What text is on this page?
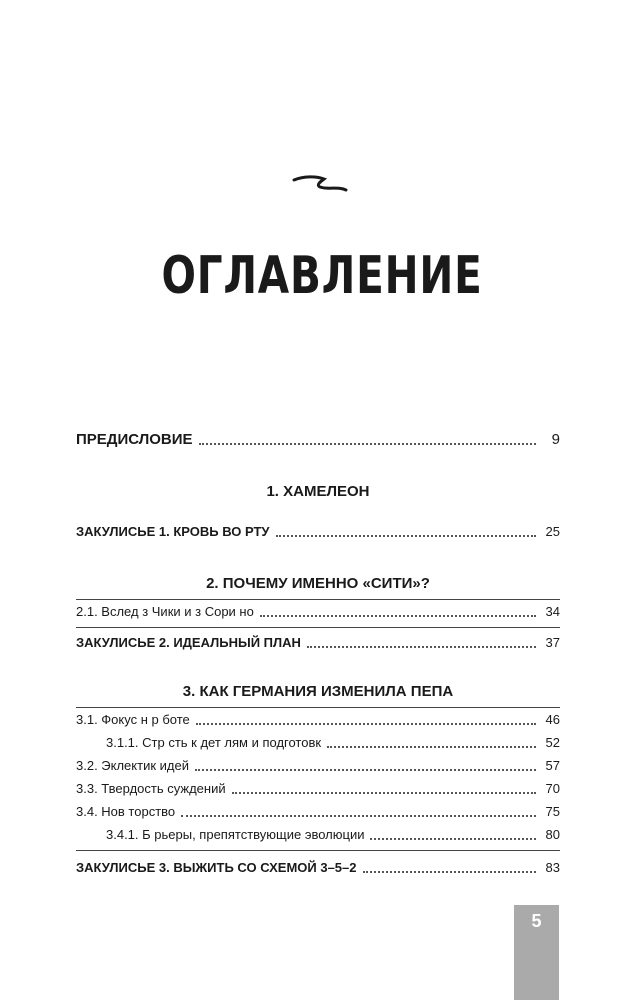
ОГЛАВЛЕНИЕ
ПРЕДИСЛОВИЕ	9
1. ХАМЕЛЕОН
ЗАКУЛИСЬЕ 1. КРОВЬ ВО РТУ	25
2. ПОЧЕМУ ИМЕННО «СИТИ»?
2.1. Вслед з Чики и з Сори но	34
ЗАКУЛИСЬЕ 2. ИДЕАЛЬНЫЙ ПЛАН	37
3. КАК ГЕРМАНИЯ ИЗМЕНИЛА ПЕПА
3.1. Фокус н р боте	46
3.1.1. Стр сть к дет лям и подготовк	52
3.2. Эклектик идей	57
3.3. Твердость суждений	70
3.4. Нов торство	75
3.4.1. Б рьеры, препятствующие эволюции	80
ЗАКУЛИСЬЕ 3. ВЫЖИТЬ СО СХЕМОЙ 3–5–2	83
5
